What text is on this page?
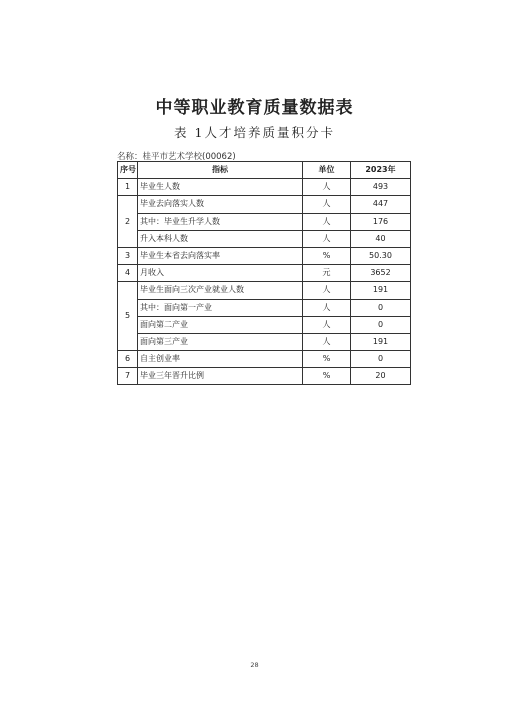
中等职业教育质量数据表
表 1人才培养质量积分卡
名称：桂平市艺术学校(00062)
序号	指标	单位	2023年
1	毕业生人数	人	493
2	毕业去向落实人数	人	447
	其中：毕业生升学人数	人	176
	升入本科人数	人	40
3	毕业生本省去向落实率	%	50.30
4	月收入	元	3652
5	毕业生面向三次产业就业人数	人	191
	其中：面向第一产业	人	0
	面向第二产业	人	0
	面向第三产业	人	191
6	自主创业率	%	0
7	毕业三年晋升比例	%	20
28
